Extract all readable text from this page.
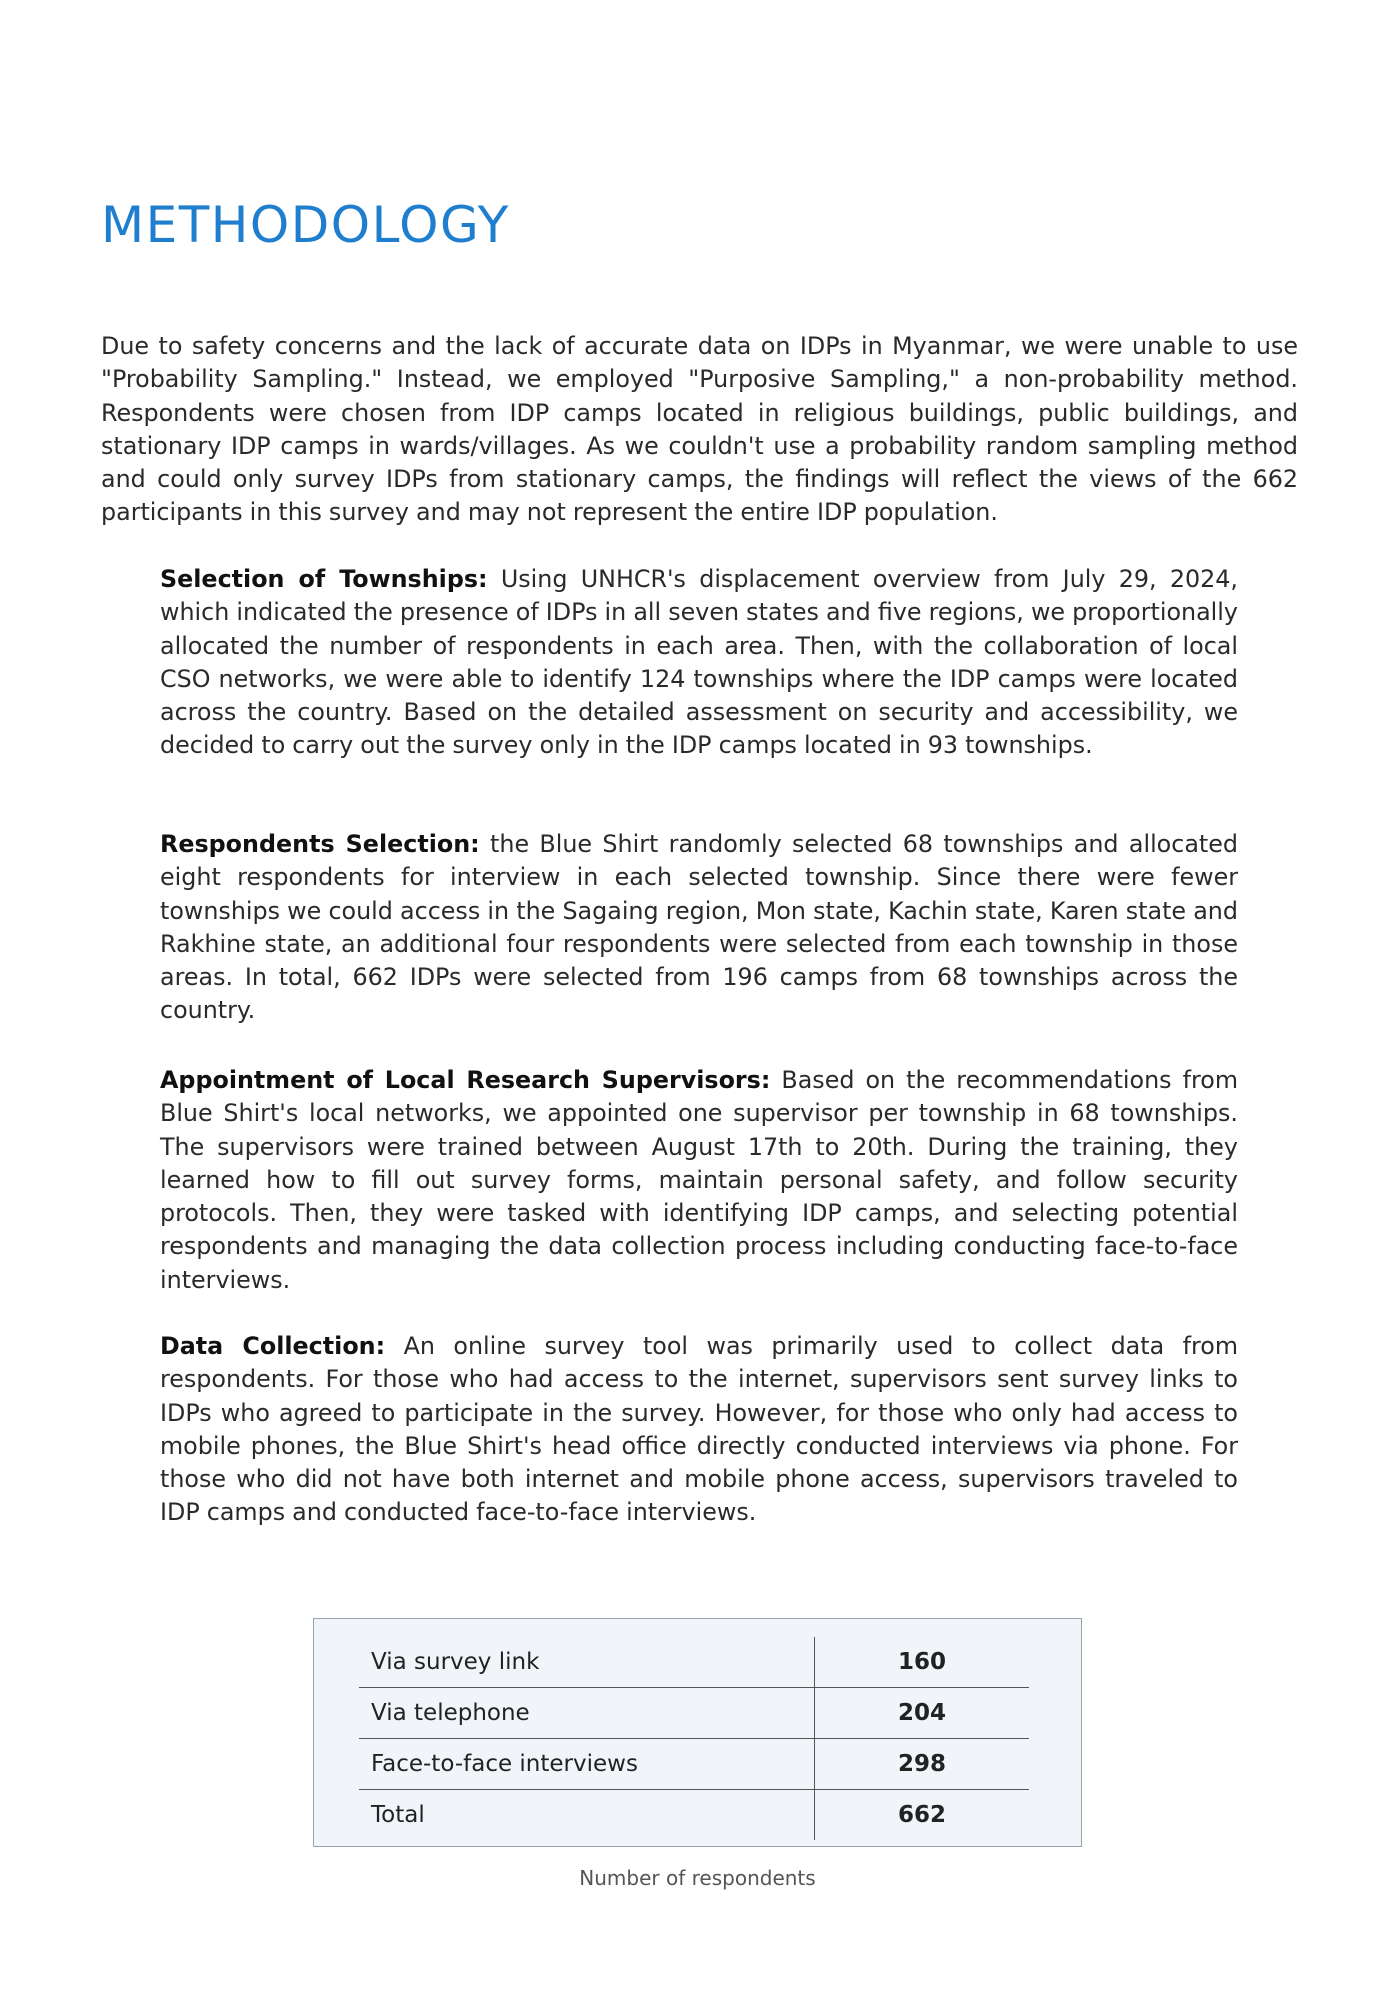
METHODOLOGY

Due to safety concerns and the lack of accurate data on IDPs in Myanmar, we were unable to use "Probability Sampling." Instead, we employed "Purposive Sampling," a non-probability method. Respondents were chosen from IDP camps located in religious buildings, public buildings, and stationary IDP camps in wards/villages. As we couldn't use a probability random sampling method and could only survey IDPs from stationary camps, the findings will reflect the views of the 662 participants in this survey and may not represent the entire IDP population.

Selection of Townships: Using UNHCR's displacement overview from July 29, 2024, which indicated the presence of IDPs in all seven states and five regions, we proportionally allocated the number of respondents in each area. Then, with the collaboration of local CSO networks, we were able to identify 124 townships where the IDP camps were located across the country. Based on the detailed assessment on security and accessibility, we decided to carry out the survey only in the IDP camps located in 93 townships.

Respondents Selection: the Blue Shirt randomly selected 68 townships and allocated eight respondents for interview in each selected township. Since there were fewer townships we could access in the Sagaing region, Mon state, Kachin state, Karen state and Rakhine state, an additional four respondents were selected from each township in those areas. In total, 662 IDPs were selected from 196 camps from 68 townships across the country.

Appointment of Local Research Supervisors: Based on the recommendations from Blue Shirt's local networks, we appointed one supervisor per township in 68 townships. The supervisors were trained between August 17th to 20th. During the training, they learned how to fill out survey forms, maintain personal safety, and follow security protocols. Then, they were tasked with identifying IDP camps, and selecting potential respondents and managing the data collection process including conducting face-to-face interviews.

Data Collection: An online survey tool was primarily used to collect data from respondents. For those who had access to the internet, supervisors sent survey links to IDPs who agreed to participate in the survey. However, for those who only had access to mobile phones, the Blue Shirt's head office directly conducted interviews via phone. For those who did not have both internet and mobile phone access, supervisors traveled to IDP camps and conducted face-to-face interviews.

Via survey link	160
Via telephone	204
Face-to-face interviews	298
Total	662

Number of respondents
